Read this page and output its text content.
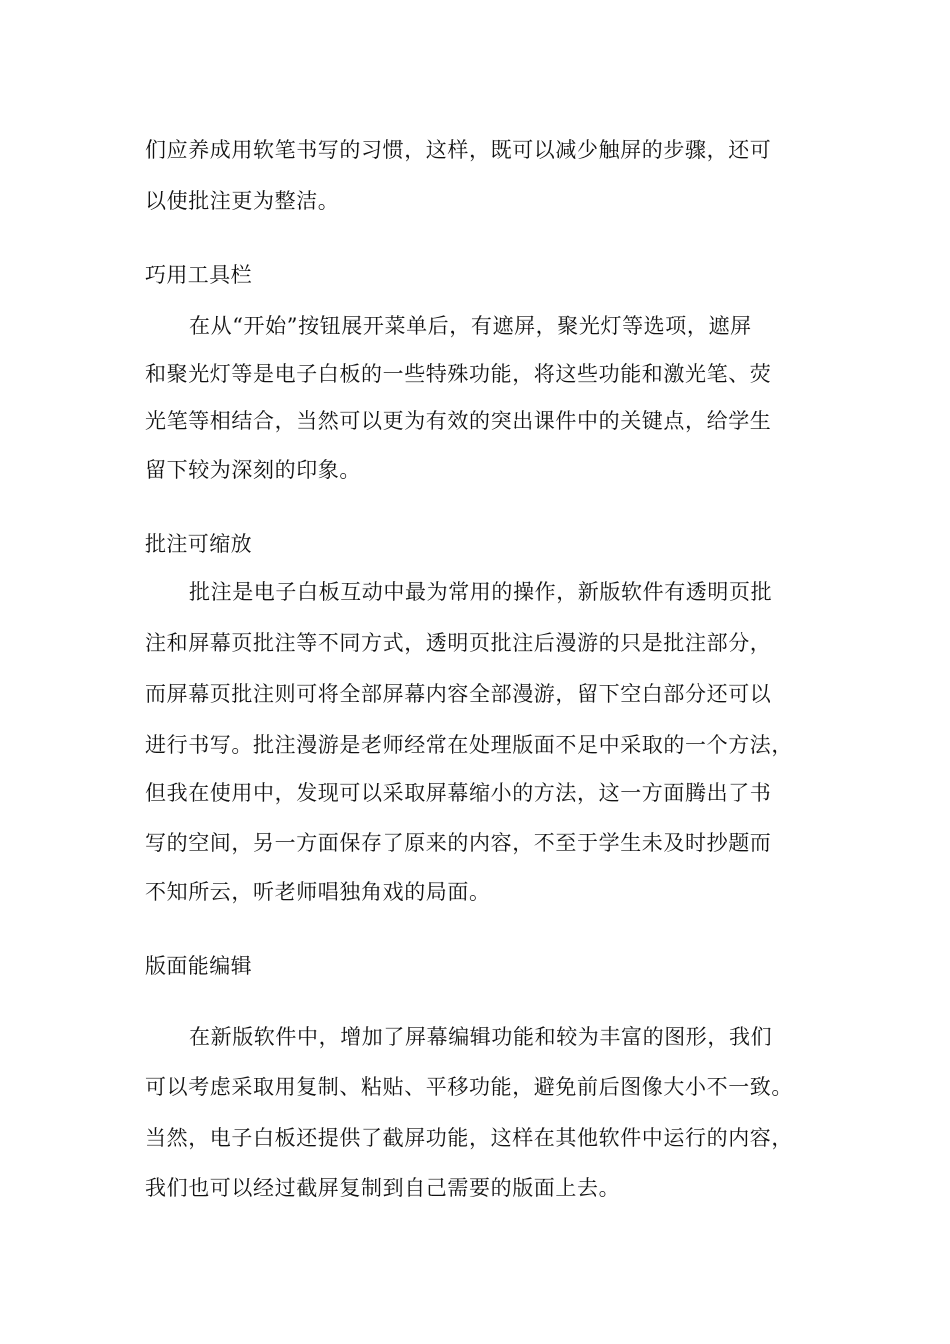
们应养成用软笔书写的习惯，这样，既可以减少触屏的步骤，还可
以使批注更为整洁。
巧用工具栏
在从“开始”按钮展开菜单后，有遮屏，聚光灯等选项，遮屏
和聚光灯等是电子白板的一些特殊功能，将这些功能和激光笔、荧
光笔等相结合，当然可以更为有效的突出课件中的关键点，给学生
留下较为深刻的印象。
批注可缩放
批注是电子白板互动中最为常用的操作，新版软件有透明页批
注和屏幕页批注等不同方式，透明页批注后漫游的只是批注部分，
而屏幕页批注则可将全部屏幕内容全部漫游，留下空白部分还可以
进行书写。批注漫游是老师经常在处理版面不足中采取的一个方法，
但我在使用中，发现可以采取屏幕缩小的方法，这一方面腾出了书
写的空间，另一方面保存了原来的内容，不至于学生未及时抄题而
不知所云，听老师唱独角戏的局面。
版面能编辑
在新版软件中，增加了屏幕编辑功能和较为丰富的图形，我们
可以考虑采取用复制、粘贴、平移功能，避免前后图像大小不一致。
当然，电子白板还提供了截屏功能，这样在其他软件中运行的内容，
我们也可以经过截屏复制到自己需要的版面上去。
